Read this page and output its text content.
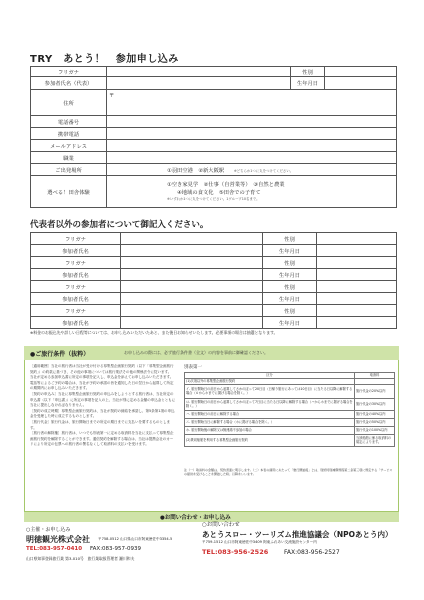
TRY　あとう！　参加申し込み
フリガナ		性別	
参加者氏名（代表）		生年月日	
住所	〒		
電話番号			
携帯電話			
メールアドレス			
職業			
ご出発場所	①羽田空港　②新大阪駅 ※どちらか1つに丸をつけてください。		
選べる！田舎体験	①空き家見学　②仕事（自営業等）　③自然と農業
④地域の食文化　⑤田舎での子育て
※いずれか1つに丸をつけてください。1グループ10名まで。		
代表者以外の参加者について御記入ください。
フリガナ		性別	
参加者氏名		生年月日	
フリガナ		性別	
参加者氏名		生年月日	
フリガナ		性別	
参加者氏名		生年月日	
フリガナ		性別	
参加者氏名		生年月日	
※料金のお振込先や詳しい日程等については、お申し込みいただいたあと、また後日お知らせいたします。必要事項の場合は抽選となります。
●ご旅行条件（抜粋）	お申し込みの際には、必ず旅行条件書（全文）の内容を事前に御確認ください。

［適用範囲］当社の旅行者は当社が受け付ける募集型企画旅行契約（以下「募集型企画旅行契約」）の約款に基づき、その他の事項については旅行業法その他の関係法令に従います。

当社が定める参加申込書に所定の事項を記入し、申込金を添えてお申し込みいただきます。電話等によるご予約の場合は、当社が予約の承諾の旨を通知した日の翌日から起算して所定の期間内にお申し込みいただきます。

［契約の申込み］当社に募集型企画旅行契約の申込みをしようとする旅行者は、当社所定の申込書（以下「申込書」）に所定の事項を記入の上、当社が別に定める金額の申込金とともに当社に提出しなければなりません。

［契約の成立時期］募集型企画旅行契約は、当社が契約の締結を承諾し、第5条第1項の申込金を受理した時に成立するものとします。

［旅行代金］旅行代金は、旅行開始日までの所定の期日までに支払いを要するものとします。

［旅行者の解除権］旅行者は、いつでも別表第一に定める取消料を当社に支払って募集型企画旅行契約を解除することができます。通信契約を解除する場合は、当社は提携会社のカードにより所定の伝票への旅行者の署名なくして取消料の支払いを受けます。

別表第一
区分	取消料
(1)次項以外の募集型企画旅行契約	
イ. 旅行開始日の前日から起算してさかのぼって20日目（日帰り旅行にあっては10日目）に当たる日以降に解除する場合（ロからホまでに掲げる場合を除く。）	旅行代金の20%以内
ロ. 旅行開始日の前日から起算してさかのぼって7日目に当たる日以降に解除する場合（ハからホまでに掲げる場合を除く。）	旅行代金の30%以内
ハ. 旅行開始日の前日に解除する場合	旅行代金の40%以内
ニ. 旅行開始当日に解除する場合（ホに掲げる場合を除く。）	旅行代金の50%以内
ホ. 旅行開始後の解除又は無連絡不参加の場合	旅行代金の100%以内
(2)貸切船舶を利用する募集型企画旅行契約	当該船舶に係る取消料の規定によります。
注（一）取消料の金額は、契約書面に明示します。（二）本表の適用にあたって「旅行開始後」とは、別紙特別補償規程第二条第三項に規定する「サービスの提供を受けることを開始した時」以降をいいます。
●お問い合わせ・お申し込み
○主催・お申し込み
明徳観光株式会社 〒758-0512 山口県山口市阿東徳佐中3354-5
TEL:083-957-0410 FAX:083-957-0939
山口県知事登録旅行業 第3-010号　旅行業取扱管理者 瀬川和夫
○お問い合わせ
あとうスロー・ツーリズム推進協議会（NPOあとう内）
〒759-1512 山口市阿東徳佐中3409 阿東ふれあい交流施設センター内
TEL:083-956-2526	FAX:083-956-2527
